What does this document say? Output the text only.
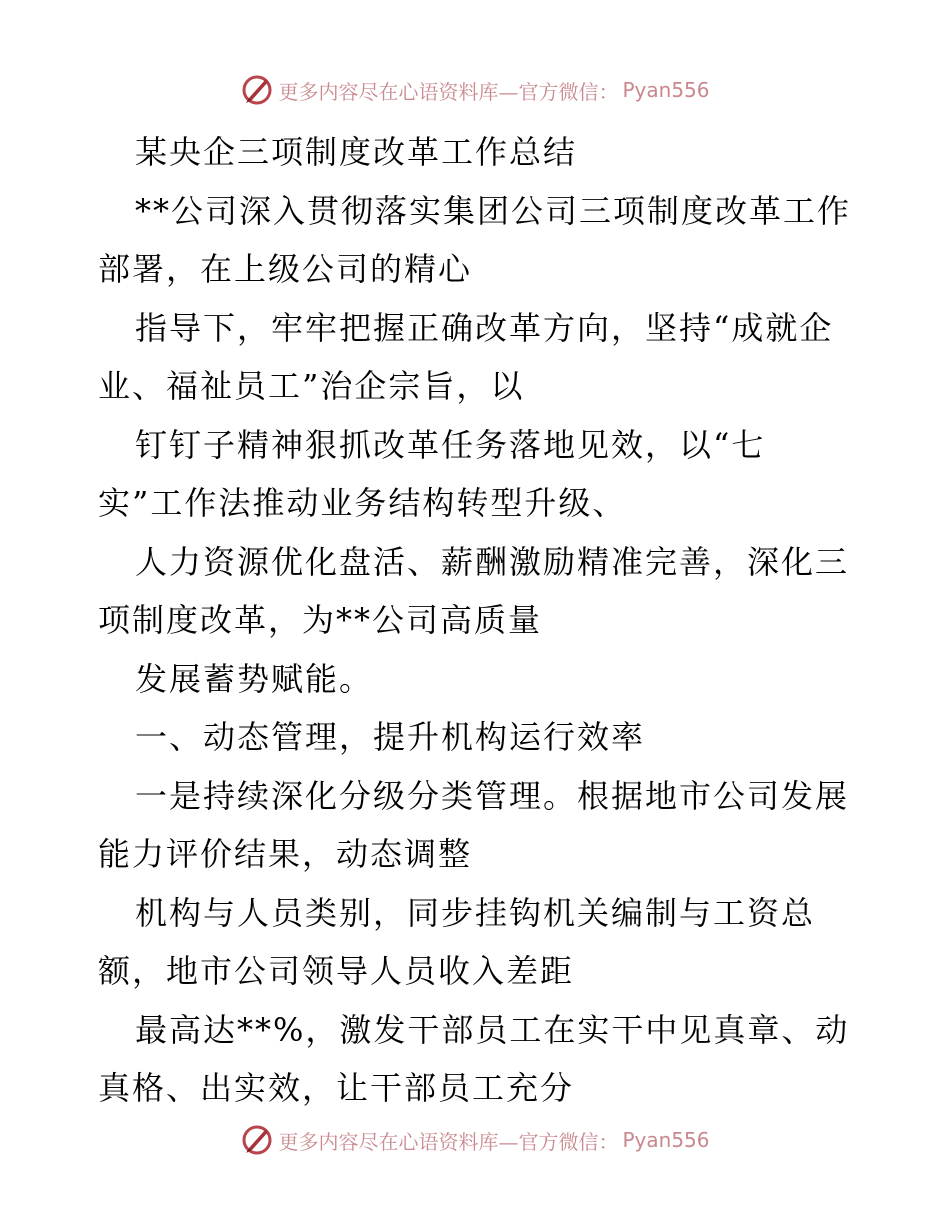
更多内容尽在心语资料库—官方微信： Pyan556
某央企三项制度改革工作总结
**公司深入贯彻落实集团公司三项制度改革工作
部署，在上级公司的精心
指导下，牢牢把握正确改革方向，坚持“成就企
业、福祉员工”治企宗旨，以
钉钉子精神狠抓改革任务落地见效，以“七
实”工作法推动业务结构转型升级、
人力资源优化盘活、薪酬激励精准完善，深化三
项制度改革，为**公司高质量
发展蓄势赋能。
一、动态管理，提升机构运行效率
一是持续深化分级分类管理。根据地市公司发展
能力评价结果，动态调整
机构与人员类别，同步挂钩机关编制与工资总
额，地市公司领导人员收入差距
最高达**%，激发干部员工在实干中见真章、动
真格、出实效，让干部员工充分
更多内容尽在心语资料库—官方微信： Pyan556
